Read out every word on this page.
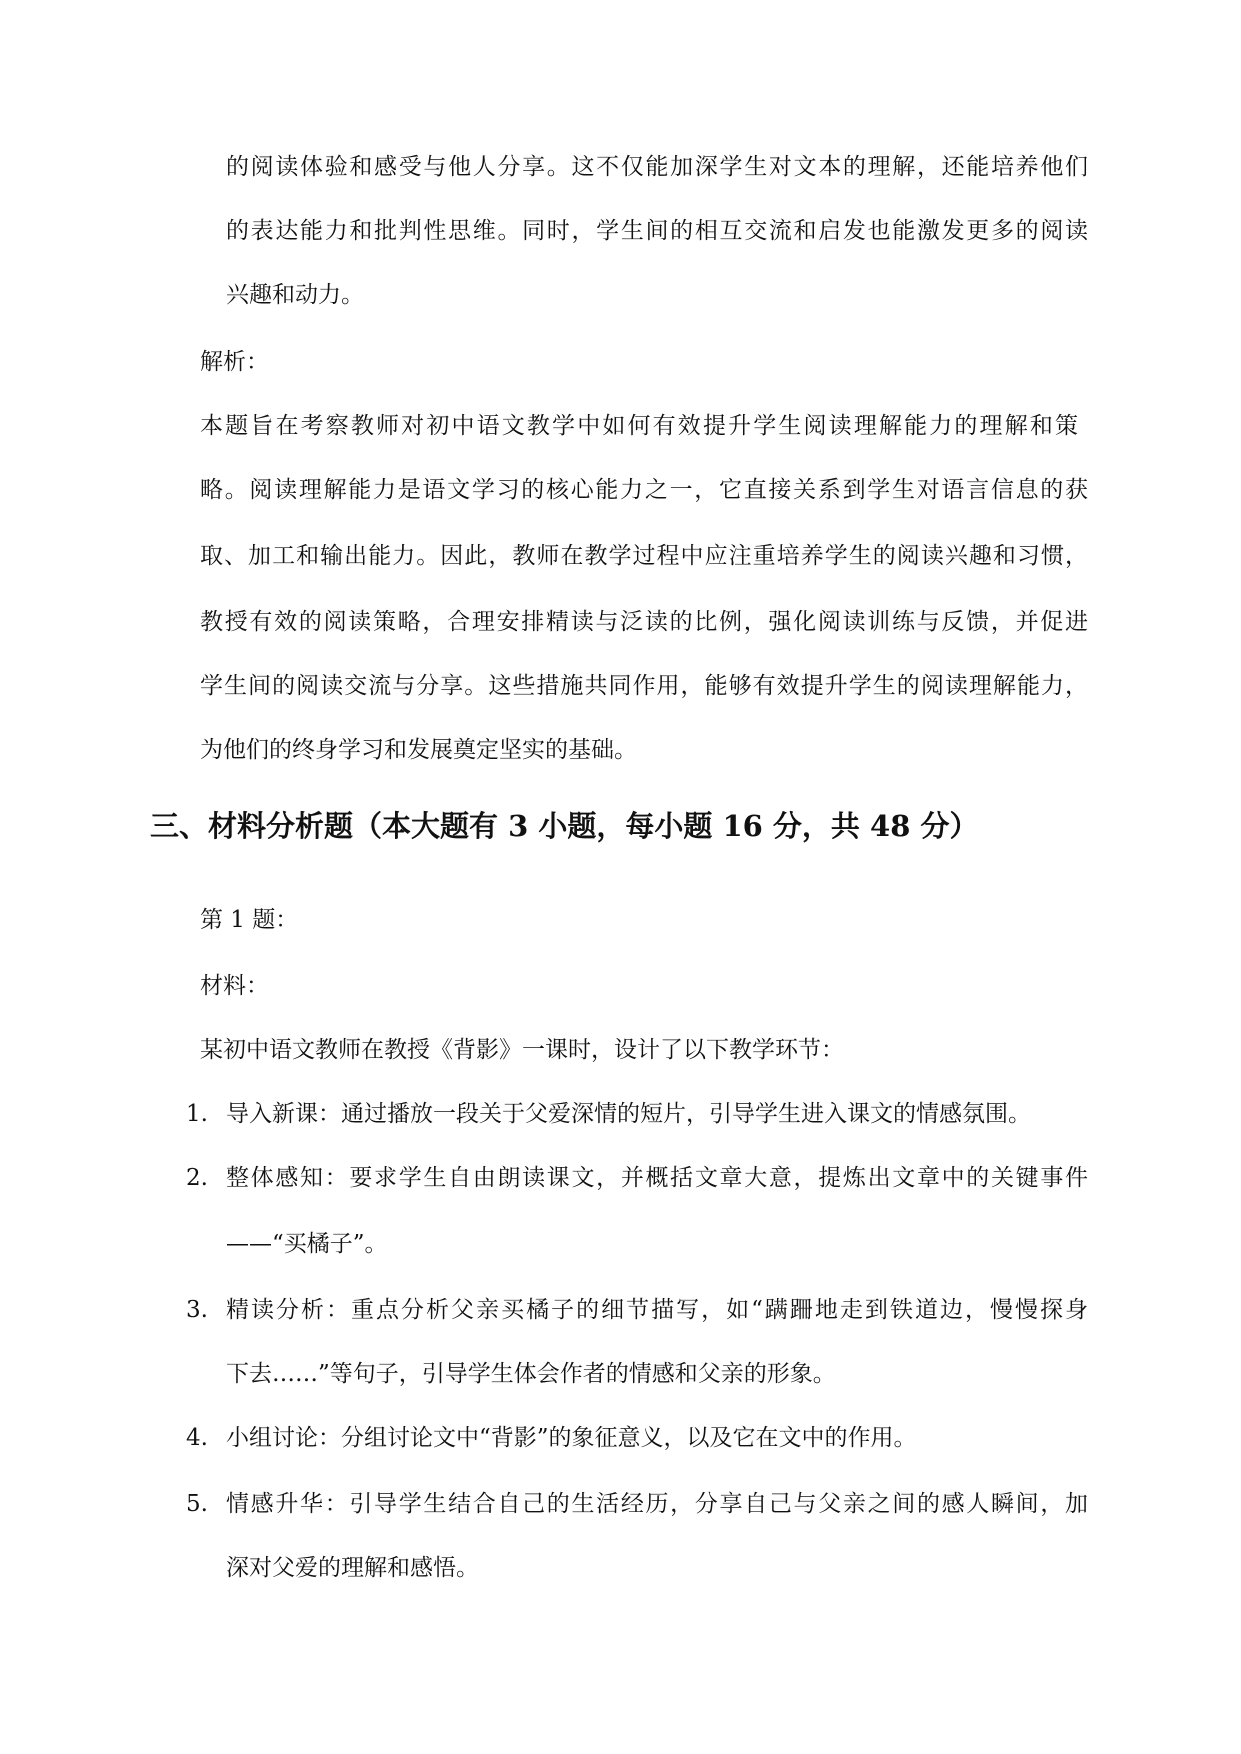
的阅读体验和感受与他人分享。这不仅能加深学生对文本的理解，还能培养他们
的表达能力和批判性思维。同时，学生间的相互交流和启发也能激发更多的阅读
兴趣和动力。
解析：
本题旨在考察教师对初中语文教学中如何有效提升学生阅读理解能力的理解和策
略。阅读理解能力是语文学习的核心能力之一，它直接关系到学生对语言信息的获
取、加工和输出能力。因此，教师在教学过程中应注重培养学生的阅读兴趣和习惯，
教授有效的阅读策略，合理安排精读与泛读的比例，强化阅读训练与反馈，并促进
学生间的阅读交流与分享。这些措施共同作用，能够有效提升学生的阅读理解能力，
为他们的终身学习和发展奠定坚实的基础。
三、材料分析题（本大题有 3 小题，每小题 16 分，共 48 分）
第 1 题：
材料：
某初中语文教师在教授《背影》一课时，设计了以下教学环节：
1. 导入新课：通过播放一段关于父爱深情的短片，引导学生进入课文的情感氛围。
2. 整体感知：要求学生自由朗读课文，并概括文章大意，提炼出文章中的关键事件
——“买橘子”。
3. 精读分析：重点分析父亲买橘子的细节描写，如“蹒跚地走到铁道边，慢慢探身
下去……”等句子，引导学生体会作者的情感和父亲的形象。
4. 小组讨论：分组讨论文中“背影”的象征意义，以及它在文中的作用。
5. 情感升华：引导学生结合自己的生活经历，分享自己与父亲之间的感人瞬间，加
深对父爱的理解和感悟。
